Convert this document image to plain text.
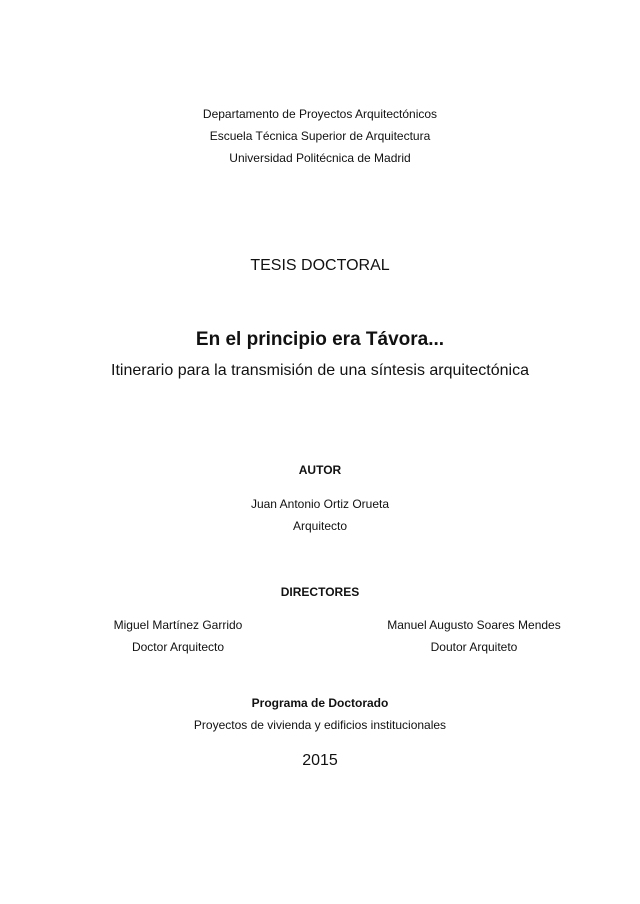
Departamento de Proyectos Arquitectónicos
Escuela Técnica Superior de Arquitectura
Universidad Politécnica de Madrid
TESIS DOCTORAL
En el principio era Távora...
Itinerario para la transmisión de una síntesis arquitectónica
AUTOR
Juan Antonio Ortiz Orueta
Arquitecto
DIRECTORES
Miguel Martínez Garrido
Doctor Arquitecto
Manuel Augusto Soares Mendes
Doutor Arquiteto
Programa de Doctorado
Proyectos de vivienda y edificios institucionales
2015
